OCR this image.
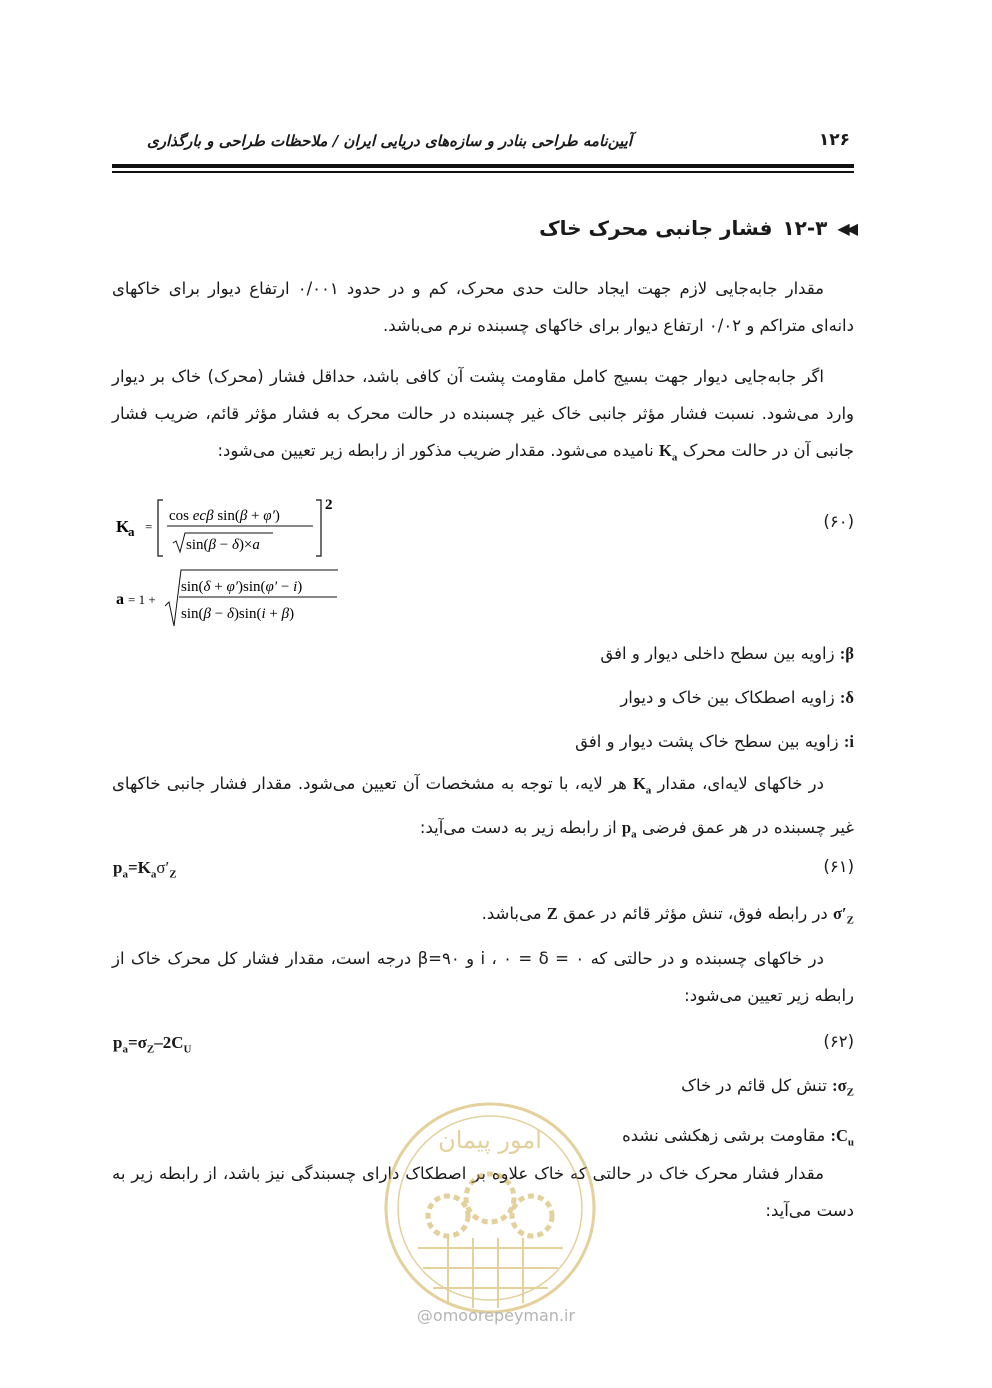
آیین‌نامه طراحی بنادر و سازه‌های دریایی ایران / ملاحظات طراحی و بارگذاری	۱۲۶
◀◀
۱۲-۳
فشار جانبی محرک خاک
مقدار جابه‌جایی لازم جهت ایجاد حالت حدی محرک، کم و در حدود ۰/۰۰۱ ارتفاع دیوار برای خاکهای دانه‌ای متراکم و ۰/۰۲ ارتفاع دیوار برای خاکهای چسبنده نرم می‌باشد.
اگر جابه‌جایی دیوار جهت بسیج کامل مقاومت پشت آن کافی باشد، حداقل فشار (محرک) خاک بر دیوار وارد می‌شود. نسبت فشار مؤثر جانبی خاک غیر چسبنده در حالت محرک به فشار مؤثر قائم، ضریب فشار جانبی آن در حالت محرک $K_a$ نامیده می‌شود. مقدار ضریب مذکور از رابطه زیر تعیین می‌شود:
(۶۰)
K
a =
2
cos ecβ sin(β + φ′)
sin(β − δ)×a
a = 1 +
sin(δ + φ′)sin(φ′ − i)
sin(β − δ)sin(i + β)
β: زاویه بین سطح داخلی دیوار و افق
δ: زاویه اصطکاک بین خاک و دیوار
i: زاویه بین سطح خاک پشت دیوار و افق
در خاکهای لایه‌ای، مقدار $K_a$ هر لایه، با توجه به مشخصات آن تعیین می‌شود. مقدار فشار جانبی خاکهای غیر چسبنده در هر عمق فرضی $p_a$ از رابطه زیر به دست می‌آید:
(۶۱)
$p_a=K_a\sigma'_Z$
$\sigma'_Z$ در رابطه فوق، تنش مؤثر قائم در عمق Z می‌باشد.
در خاکهای چسبنده و در حالتی که ۰ = i ، ۰ = δ و β=۹۰ درجه است، مقدار فشار کل محرک خاک از رابطه زیر تعیین می‌شود:
(۶۲)
$p_a=\sigma_Z-2C_U$
$\sigma_Z$: تنش کل قائم در خاک
$C_u$: مقاومت برشی زهکشی نشده
مقدار فشار محرک خاک در حالتی که خاک علاوه بر اصطکاک دارای چسبندگی نیز باشد، از رابطه زیر به دست می‌آید:
امور پیمان
@omoorepeyman.ir
